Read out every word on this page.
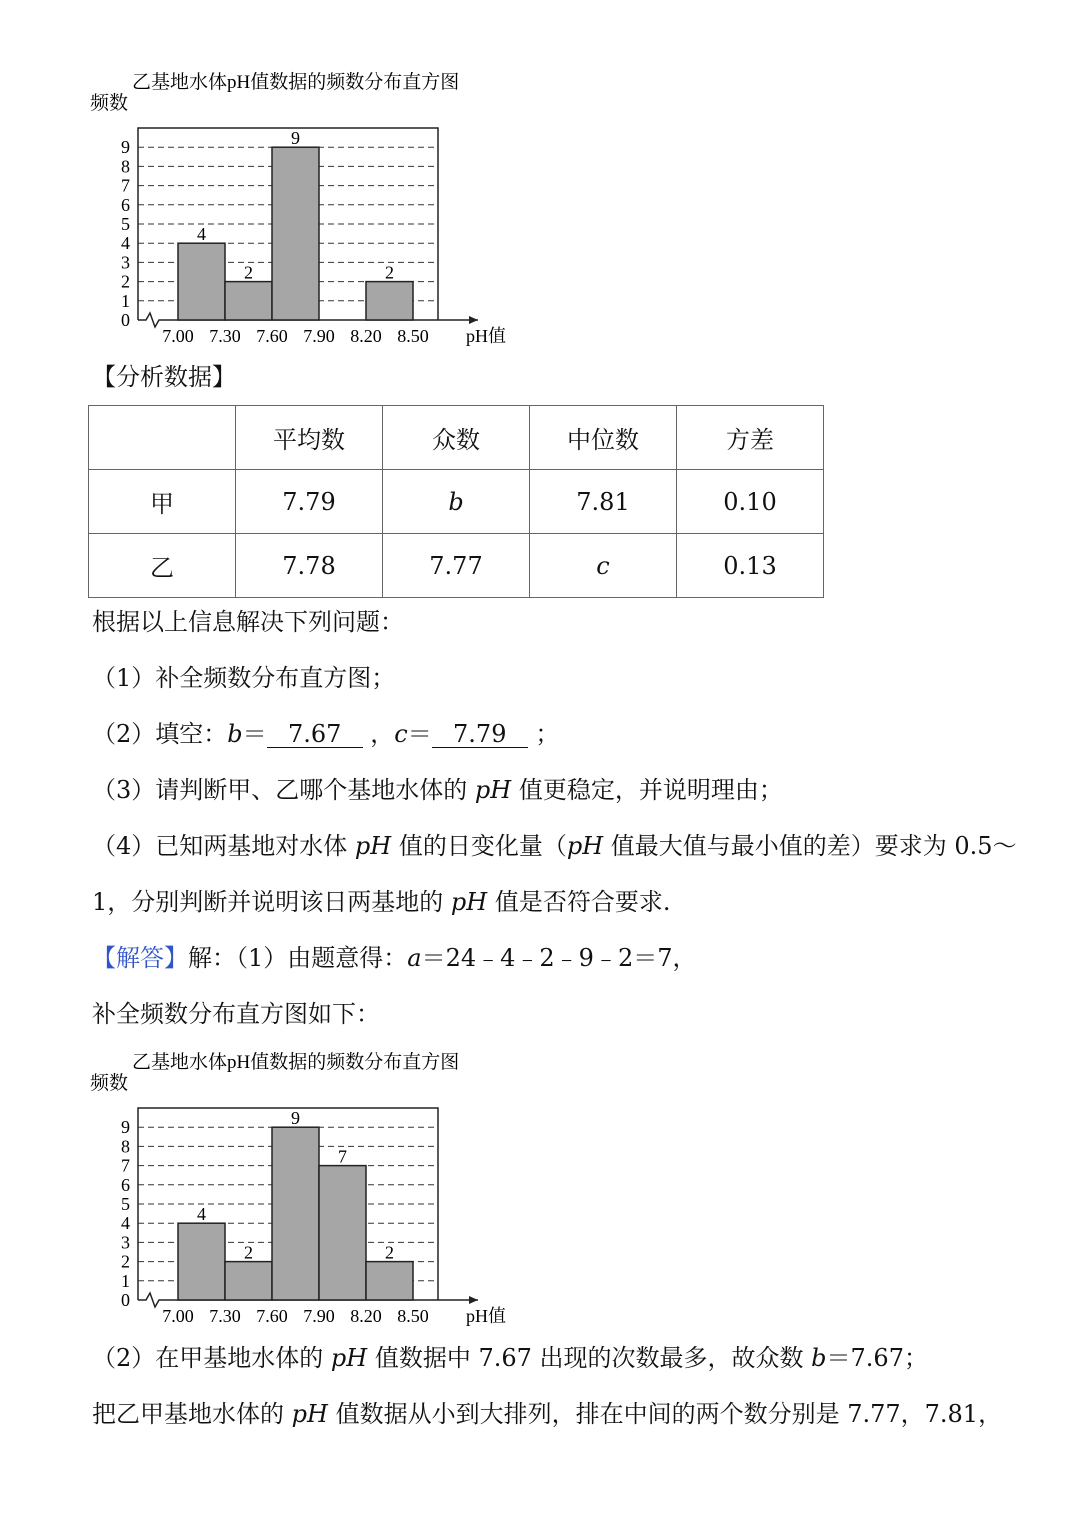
乙基地水体pH值数据的频数分布直方图
频数
0
1
2
3
4
5
6
7
8
9
4
2
9
2
7.00 7.30 7.60 7.90 8.20 8.50 pH值
【分析数据】
	平均数	众数	中位数	方差
甲	7.79	b	7.81	0.10
乙	7.78	7.77	c	0.13
根据以上信息解决下列问题：
（1）补全频数分布直方图；
（2）填空：b＝ 7.67 ，c＝ 7.79 ；
（3）请判断甲、乙哪个基地水体的 pH 值更稳定，并说明理由；
（4）已知两基地对水体 pH 值的日变化量（pH 值最大值与最小值的差）要求为 0.5～
1，分别判断并说明该日两基地的 pH 值是否符合要求.
【解答】解：（1）由题意得：a＝24﹣4﹣2﹣9﹣2＝7，
补全频数分布直方图如下：
乙基地水体pH值数据的频数分布直方图
频数
0
1
2
3
4
5
6
7
8
9
4
2
9
7
2
7.00 7.30 7.60 7.90 8.20 8.50 pH值
（2）在甲基地水体的 pH 值数据中 7.67 出现的次数最多，故众数 b＝7.67；
把乙甲基地水体的 pH 值数据从小到大排列，排在中间的两个数分别是 7.77，7.81，
